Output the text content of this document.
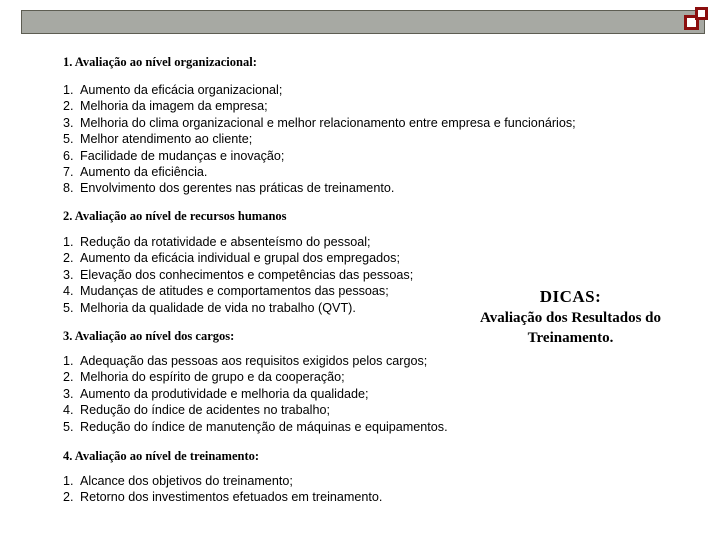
1. Avaliação ao nível organizacional:
1. Aumento da eficácia organizacional;
2. Melhoria da imagem da empresa;
3. Melhoria do clima organizacional e melhor relacionamento entre empresa e funcionários;
5. Melhor atendimento ao cliente;
6. Facilidade de mudanças e inovação;
7. Aumento da eficiência.
8. Envolvimento dos gerentes nas práticas de treinamento.
2. Avaliação ao nível de recursos humanos
1. Redução da rotatividade e absenteísmo do pessoal;
2. Aumento da eficácia individual e grupal dos empregados;
3. Elevação dos conhecimentos e competências das pessoas;
4. Mudanças de atitudes e comportamentos das pessoas;
5. Melhoria da qualidade de vida no trabalho (QVT).
3. Avaliação ao nível dos cargos:
1. Adequação das pessoas aos requisitos exigidos pelos cargos;
2. Melhoria do espírito de grupo e da cooperação;
3. Aumento da produtividade e melhoria da qualidade;
4. Redução do índice de acidentes no trabalho;
5. Redução do índice de manutenção de máquinas e equipamentos.
4. Avaliação ao nível de treinamento:
1. Alcance dos objetivos do treinamento;
2. Retorno dos investimentos efetuados em treinamento.
DICAS:
Avaliação dos Resultados do
Treinamento.
